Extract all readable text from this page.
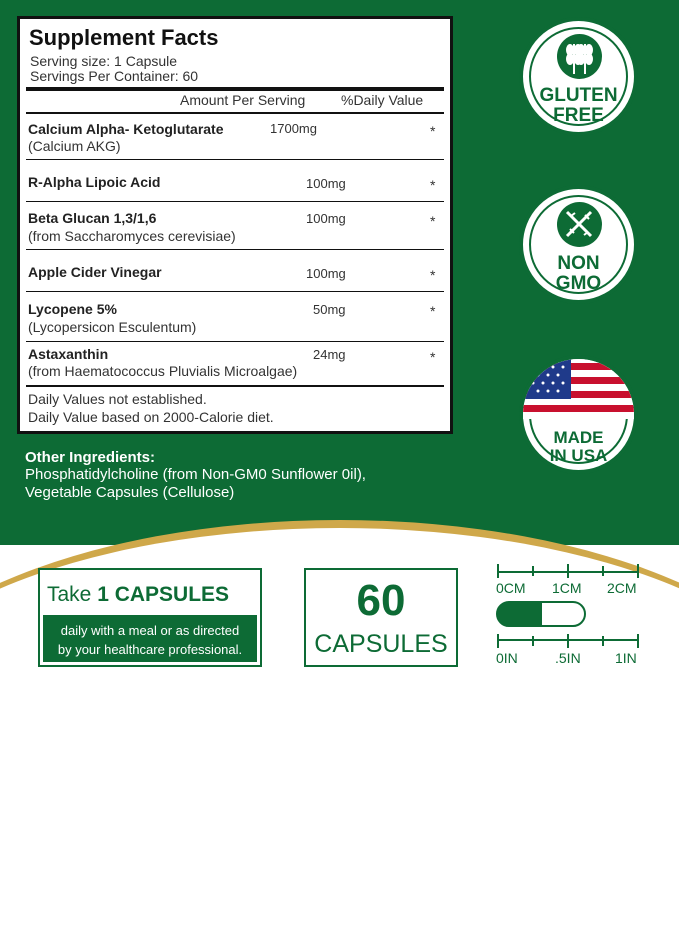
Supplement Facts
Serving size: 1 Capsule
Servings Per Container: 60
Amount Per Serving	%Daily Value
Calcium Alpha- Ketoglutarate	1700mg	*
(Calcium AKG)
R-Alpha Lipoic Acid	100mg	*
Beta Glucan 1,3/1,6	100mg	*
(from Saccharomyces cerevisiae)
Apple Cider Vinegar	100mg	*
Lycopene 5%	50mg	*
(Lycopersicon Esculentum)
Astaxanthin	24mg	*
(from Haematococcus Pluvialis Microalgae)
Daily Values not established.
Daily Value based on 2000-Calorie diet.
Other Ingredients:
Phosphatidylcholine (from Non-GM0 Sunflower 0il),
Vegetable Capsules (Cellulose)
GLUTEN
FREE
NON
GMO
MADE
IN USA
Take 1 CAPSULES
daily with a meal or as directed
by your healthcare professional.
60
CAPSULES
0CM 1CM 2CM
0IN	.5IN 1IN
